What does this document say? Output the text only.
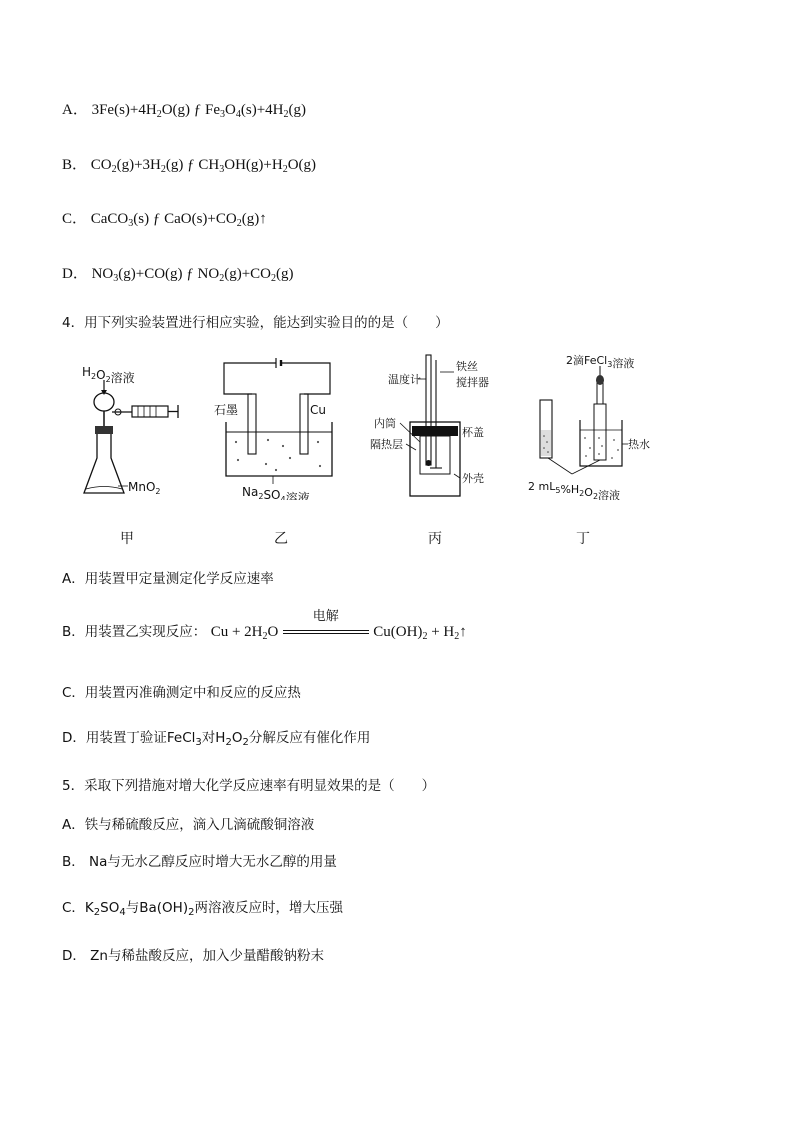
A． $3Fe(s)+4H_2O(g)$ ƒ $Fe_3O_4(s)+4H_2(g)$
B． $CO_2(g)+3H_2(g)$ ƒ $CH_3OH(g)+H_2O(g)$
C． CaCO$_3$(s) ƒ $CaO(s)+CO_2(g)↑$
D． $NO_3(g)+CO(g)$ ƒ $NO_2(g)+CO_2(g)$
4．用下列实验装置进行相应实验，能达到实验目的的是（　　）
$H_2O_2$溶液
MnO$_2$
石墨	Cu
$Na_2SO_4$溶液
温度计
铁丝
搅拌器
内筒
杯盖
隔热层
外壳
2滴FeCl$_3$溶液
热水
2 $mL_5\%H_2O_2$溶液
甲	乙	丙	丁
A．用装置甲定量测定化学反应速率
B．用装置乙实现反应： $Cu + 2H_2O$
电解
$Cu(OH)_2$ + $H_2↑$
C．用装置丙准确测定中和反应的反应热
D．用装置丁验证FeCl$_3$对$H_2O_2$分解反应有催化作用
5．采取下列措施对增大化学反应速率有明显效果的是（　　）
A．铁与稀硫酸反应，滴入几滴硫酸铜溶液
B． Na与无水乙醇反应时增大无水乙醇的用量
C．$K_2SO_4$与$Ba(OH)_2$两溶液反应时，增大压强
D． Zn与稀盐酸反应，加入少量醋酸钠粉末
